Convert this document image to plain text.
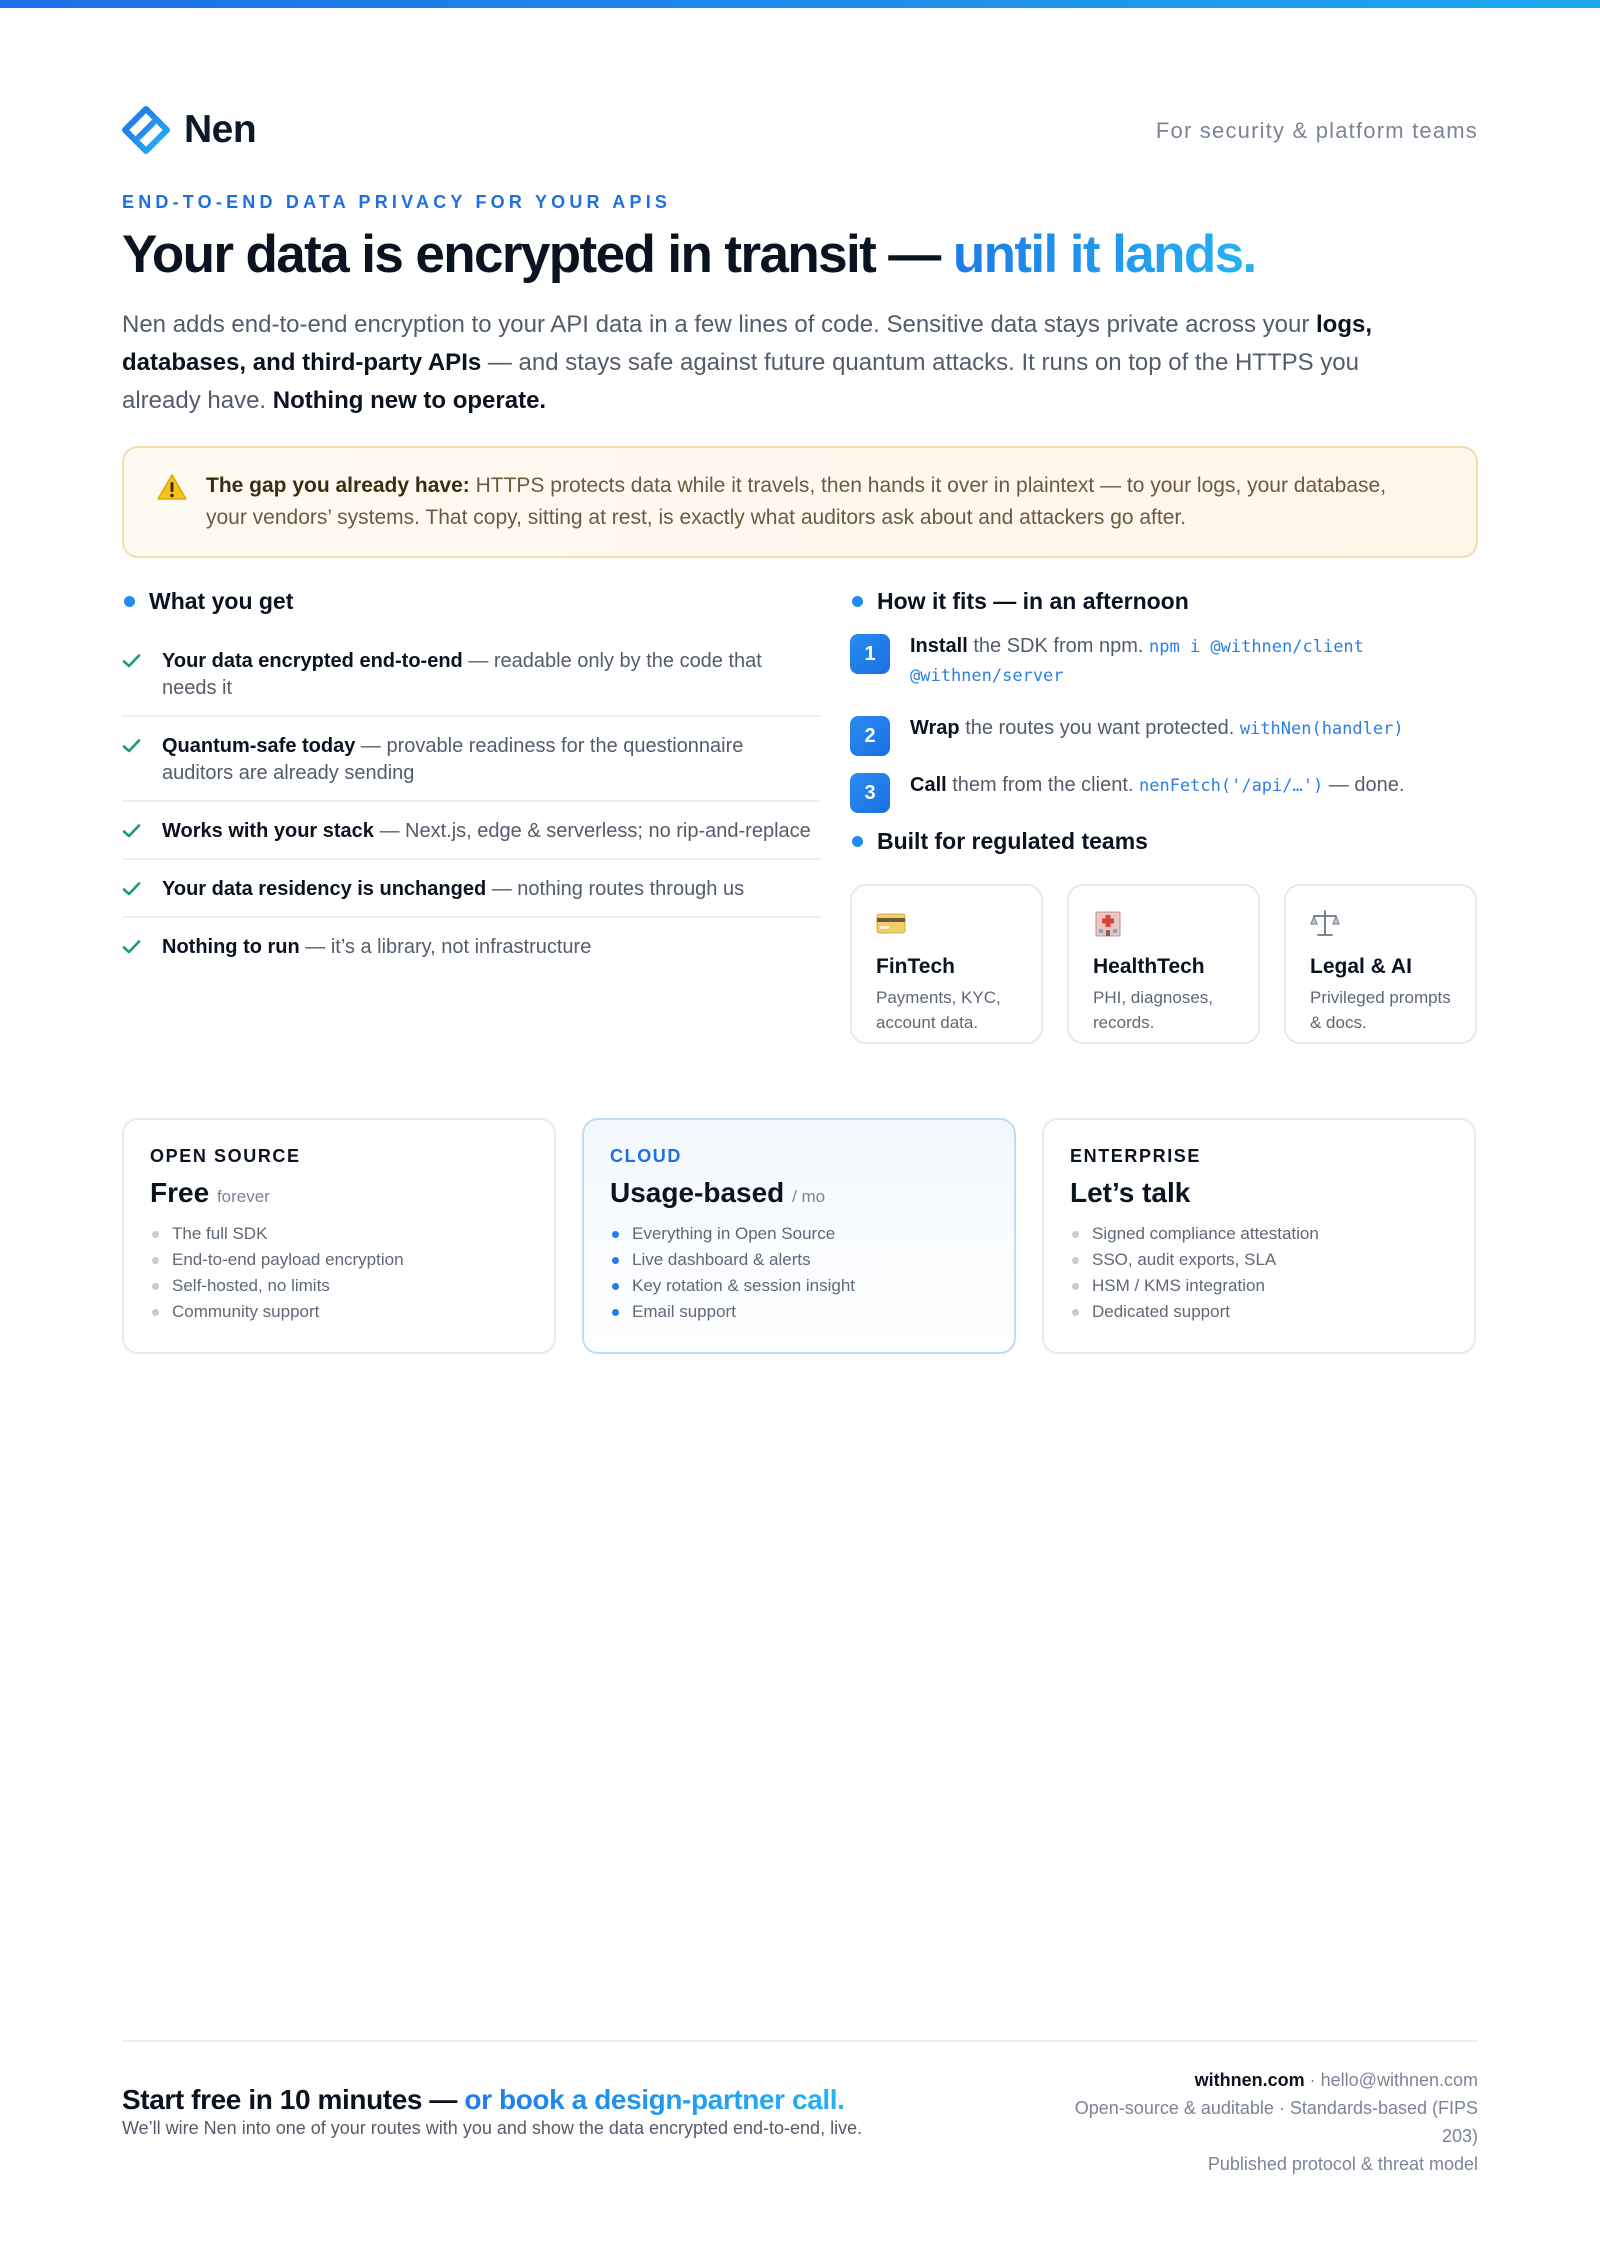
Nen	For security & platform teams
END-TO-END DATA PRIVACY FOR YOUR APIS
Your data is encrypted in transit — until it lands.

Nen adds end-to-end encryption to your API data in a few lines of code. Sensitive data stays private across your logs, databases, and third-party APIs — and stays safe against future quantum attacks. It runs on top of the HTTPS you already have. Nothing new to operate.

The gap you already have: HTTPS protects data while it travels, then hands it over in plaintext — to your logs, your database, your vendors’ systems. That copy, sitting at rest, is exactly what auditors ask about and attackers go after.
What you get
Your data encrypted end-to-end — readable only by the code that needs it
Quantum-safe today — provable readiness for the questionnaire auditors are already sending
Works with your stack — Next.js, edge & serverless; no rip-and-replace
Your data residency is unchanged — nothing routes through us
Nothing to run — it’s a library, not infrastructure
How it fits — in an afternoon
1	Install the SDK from npm. npm i @withnen/client @withnen/server
2	Wrap the routes you want protected. withNen(handler)
3	Call them from the client. nenFetch('/api/…') — done.
Built for regulated teams
FinTech
Payments, KYC, account data.
HealthTech
PHI, diagnoses, records.
Legal & AI
Privileged prompts & docs.
OPEN SOURCE
Free forever
The full SDK
End-to-end payload encryption
Self-hosted, no limits
Community support
CLOUD
Usage-based / mo
Everything in Open Source
Live dashboard & alerts
Key rotation & session insight
Email support
ENTERPRISE
Let’s talk
Signed compliance attestation
SSO, audit exports, SLA
HSM / KMS integration
Dedicated support
Start free in 10 minutes — or book a design-partner call.
We’ll wire Nen into one of your routes with you and show the data encrypted end-to-end, live.
withnen.com · hello@withnen.com
Open-source & auditable · Standards-based (FIPS 203)
Published protocol & threat model
